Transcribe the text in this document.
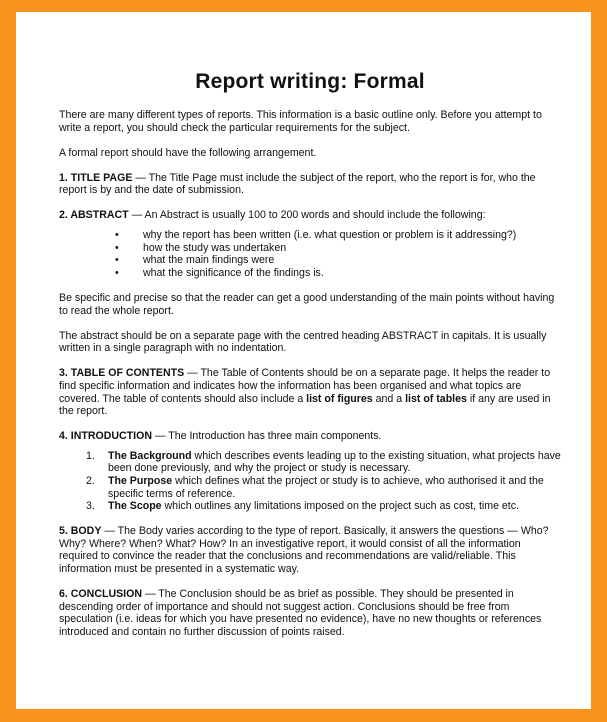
Report writing: Formal

There are many different types of reports. This information is a basic outline only. Before you attempt to write a report, you should check the particular requirements for the subject.

A formal report should have the following arrangement.

1. TITLE PAGE — The Title Page must include the subject of the report, who the report is for, who the report is by and the date of submission.

2. ABSTRACT — An Abstract is usually 100 to 200 words and should include the following:

• why the report has been written (i.e. what question or problem is it addressing?)
• how the study was undertaken
• what the main findings were
• what the significance of the findings is.

Be specific and precise so that the reader can get a good understanding of the main points without having to read the whole report.

The abstract should be on a separate page with the centred heading ABSTRACT in capitals. It is usually written in a single paragraph with no indentation.

3. TABLE OF CONTENTS — The Table of Contents should be on a separate page. It helps the reader to find specific information and indicates how the information has been organised and what topics are covered. The table of contents should also include a list of figures and a list of tables if any are used in the report.

4. INTRODUCTION — The Introduction has three main components.

1. The Background which describes events leading up to the existing situation, what projects have been done previously, and why the project or study is necessary.
2. The Purpose which defines what the project or study is to achieve, who authorised it and the specific terms of reference.
3. The Scope which outlines any limitations imposed on the project such as cost, time etc.

5. BODY — The Body varies according to the type of report. Basically, it answers the questions — Who? Why? Where? When? What? How? In an investigative report, it would consist of all the information required to convince the reader that the conclusions and recommendations are valid/reliable. This information must be presented in a systematic way.

6. CONCLUSION — The Conclusion should be as brief as possible. They should be presented in descending order of importance and should not suggest action. Conclusions should be free from speculation (i.e. ideas for which you have presented no evidence), have no new thoughts or references introduced and contain no further discussion of points raised.
